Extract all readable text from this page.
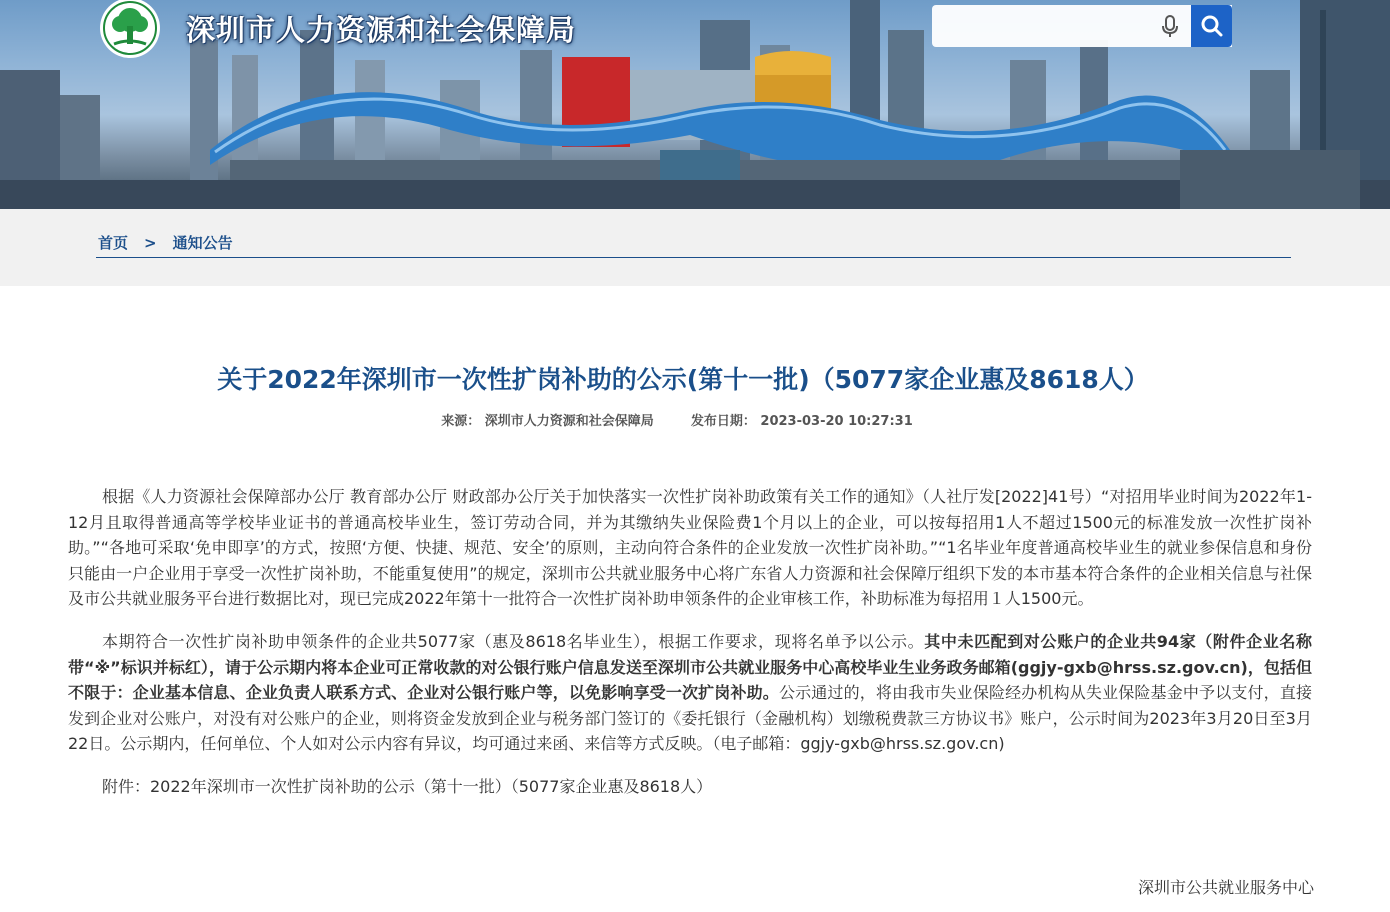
深圳市人力资源和社会保障局
首页 > 通知公告
关于2022年深圳市一次性扩岗补助的公示(第十一批)（5077家企业惠及8618人）
来源： 深圳市人力资源和社会保障局	发布日期： 2023-03-20 10:27:31

根据《人力资源社会保障部办公厅 教育部办公厅 财政部办公厅关于加快落实一次性扩岗补助政策有关工作的通知》（人社厅发[2022]41号）“对招用毕业时间为2022年1-12月且取得普通高等学校毕业证书的普通高校毕业生，签订劳动合同，并为其缴纳失业保险费1个月以上的企业，可以按每招用1人不超过1500元的标准发放一次性扩岗补助。”“各地可采取‘免申即享’的方式，按照‘方便、快捷、规范、安全’的原则，主动向符合条件的企业发放一次性扩岗补助。”“1名毕业年度普通高校毕业生的就业参保信息和身份只能由一户企业用于享受一次性扩岗补助，不能重复使用”的规定，深圳市公共就业服务中心将广东省人力资源和社会保障厅组织下发的本市基本符合条件的企业相关信息与社保及市公共就业服务平台进行数据比对，现已完成2022年第十一批符合一次性扩岗补助申领条件的企业审核工作，补助标准为每招用１人1500元。

本期符合一次性扩岗补助申领条件的企业共5077家（惠及8618名毕业生），根据工作要求，现将名单予以公示。其中未匹配到对公账户的企业共94家（附件企业名称带“※”标识并标红），请于公示期内将本企业可正常收款的对公银行账户信息发送至深圳市公共就业服务中心高校毕业生业务政务邮箱(ggjy-gxb@hrss.sz.gov.cn)，包括但不限于：企业基本信息、企业负责人联系方式、企业对公银行账户等，以免影响享受一次扩岗补助。公示通过的，将由我市失业保险经办机构从失业保险基金中予以支付，直接发到企业对公账户，对没有对公账户的企业，则将资金发放到企业与税务部门签订的《委托银行（金融机构）划缴税费款三方协议书》账户，公示时间为2023年3月20日至3月22日。公示期内，任何单位、个人如对公示内容有异议，均可通过来函、来信等方式反映。（电子邮箱：ggjy-gxb@hrss.sz.gov.cn)

附件：2022年深圳市一次性扩岗补助的公示（第十一批）（5077家企业惠及8618人）

深圳市公共就业服务中心
